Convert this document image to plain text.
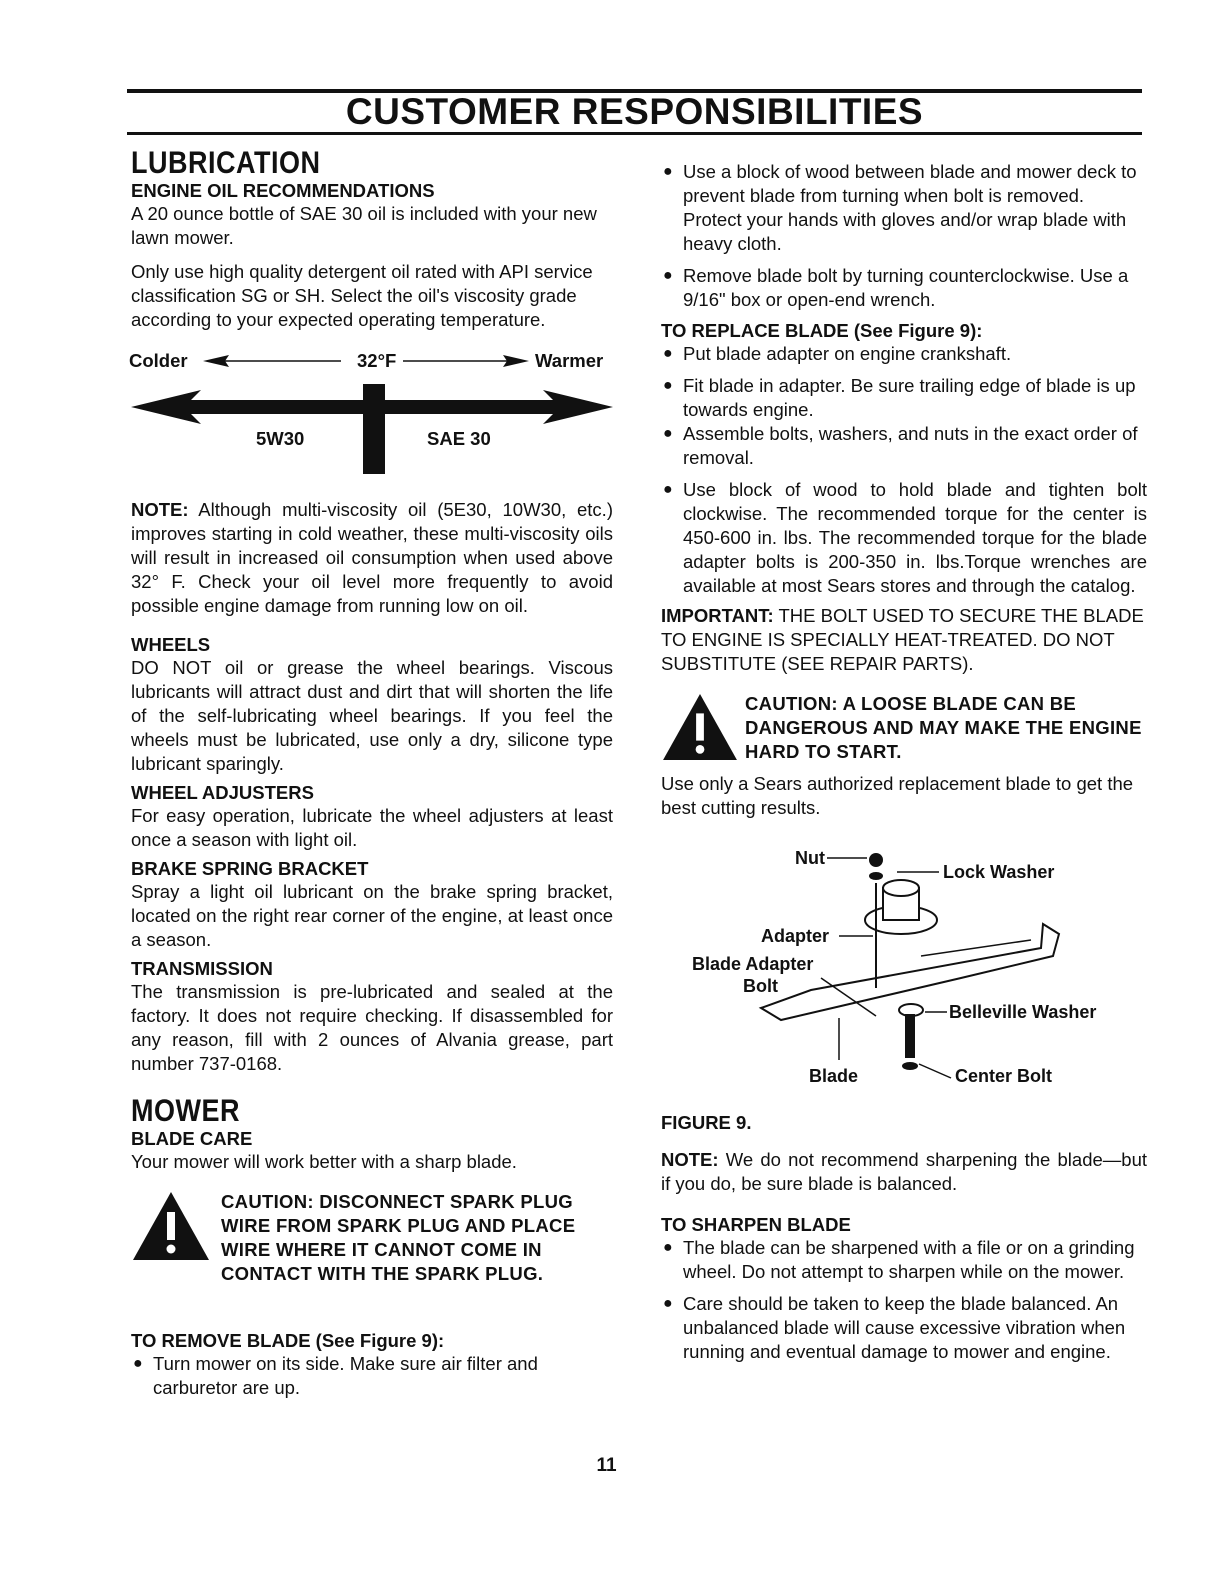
CUSTOMER RESPONSIBILITIES
LUBRICATION
ENGINE OIL RECOMMENDATIONS

A 20 ounce bottle of SAE 30 oil is included with your new lawn mower.

Only use high quality detergent oil rated with API service classification SG or SH. Select the oil's viscosity grade according to your expected operating temperature.

Colder	32°F	Warmer
5W30	SAE 30

NOTE: Although multi-viscosity oil (5E30, 10W30, etc.) improves starting in cold weather, these multi-viscosity oils will result in increased oil consumption when used above 32° F. Check your oil level more frequently to avoid possible engine damage from running low on oil.

WHEELS

DO NOT oil or grease the wheel bearings. Viscous lubricants will attract dust and dirt that will shorten the life of the self-lubricating wheel bearings. If you feel the wheels must be lubricated, use only a dry, silicone type lubricant sparingly.

WHEEL ADJUSTERS

For easy operation, lubricate the wheel adjusters at least once a season with light oil.

BRAKE SPRING BRACKET

Spray a light oil lubricant on the brake spring bracket, located on the right rear corner of the engine, at least once a season.

TRANSMISSION

The transmission is pre-lubricated and sealed at the factory. It does not require checking. If disassembled for any reason, fill with 2 ounces of Alvania grease, part number 737-0168.

MOWER
BLADE CARE

Your mower will work better with a sharp blade.

CAUTION: DISCONNECT SPARK PLUG WIRE FROM SPARK PLUG AND PLACE WIRE WHERE IT CANNOT COME IN CONTACT WITH THE SPARK PLUG.
TO REMOVE BLADE (See Figure 9):
● Turn mower on its side. Make sure air filter and carburetor are up.
● Use a block of wood between blade and mower deck to prevent blade from turning when bolt is removed. Protect your hands with gloves and/or wrap blade with heavy cloth.
● Remove blade bolt by turning counterclockwise. Use a 9/16" box or open-end wrench.
TO REPLACE BLADE (See Figure 9):
● Put blade adapter on engine crankshaft.
● Fit blade in adapter. Be sure trailing edge of blade is up towards engine.
● Assemble bolts, washers, and nuts in the exact order of removal.
● Use block of wood to hold blade and tighten bolt clockwise. The recommended torque for the center is 450-600 in. lbs. The recommended torque for the blade adapter bolts is 200-350 in. lbs.Torque wrenches are available at most Sears stores and through the catalog.

IMPORTANT: THE BOLT USED TO SECURE THE BLADE TO ENGINE IS SPECIALLY HEAT-TREATED. DO NOT SUBSTITUTE (SEE REPAIR PARTS).

CAUTION: A LOOSE BLADE CAN BE DANGEROUS AND MAY MAKE THE ENGINE HARD TO START.

Use only a Sears authorized replacement blade to get the best cutting results.

Nut
Lock Washer
Adapter
Blade Adapter
Bolt
Belleville Washer
Blade	Center Bolt
FIGURE 9.

NOTE: We do not recommend sharpening the blade—but if you do, be sure blade is balanced.

TO SHARPEN BLADE
● The blade can be sharpened with a file or on a grinding wheel. Do not attempt to sharpen while on the mower.
● Care should be taken to keep the blade balanced. An unbalanced blade will cause excessive vibration when running and eventual damage to mower and engine.
11
